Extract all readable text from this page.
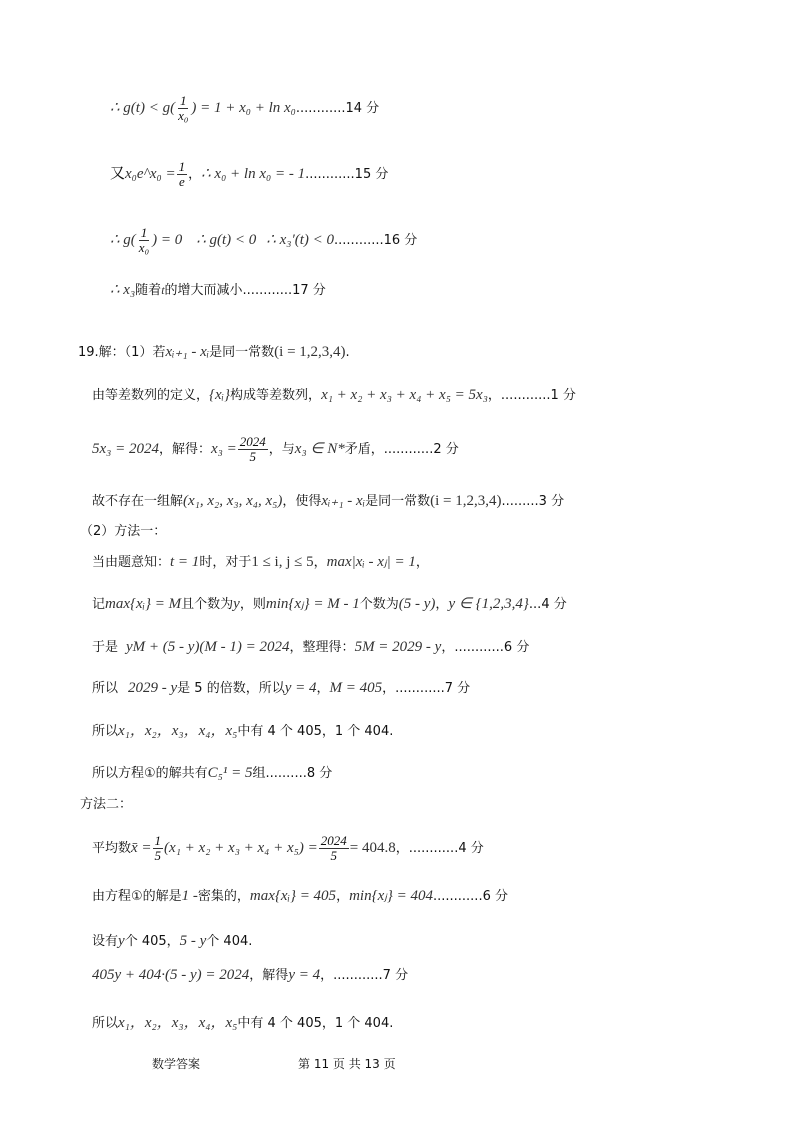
∴ $g(t) < g( \frac{1}{\text{x₀}}$ ) = 1 + x₀ + ln x₀............14 分
又x₀e^x₀ = $\frac{1}{e}$ ，∴ x₀ + ln x₀ = - 1............15 分
∴ $g( \frac{1}{\text{x₀}}$ ) = 0 ∴ g(t) < 0 ∴ x₃′(t) < 0............16 分
∴ x₃随着t的增大而减小............17 分
19.解：（1）若xᵢ₊₁ - xᵢ是同一常数(i = 1,2,3,4).
由等差数列的定义，{xᵢ}构成等差数列，x₁ + x₂ + x₃ + x₄ + x₅ = 5x₃，............1 分
5x₃ = 2024，解得：$x_3 = \frac{2024}{5}$ ，与x₃ ∈ N*矛盾，............2 分
故不存在一组解(x₁, x₂, x₃, x₄, x₅)，使得xᵢ₊₁ - xᵢ是同一常数(i = 1,2,3,4).........3 分
（2）方法一：
当由题意知：t = 1时，对于1 ≤ i, j ≤ 5，max|xᵢ - xⱼ| = 1，
记max{xᵢ} = M且个数为y，则min{xⱼ} = M - 1个数为(5 - y)，y ∈ {1,2,3,4}...4 分
于是 yM + (5 - y)(M - 1) = 2024，整理得：5M = 2029 - y，............6 分
所以 2029 - y是 5 的倍数，所以y = 4，M = 405，............7 分
所以x₁，x₂，x₃，x₄，x₅中有 4 个 405，1 个 404.
所以方程①的解共有C₅¹ = 5组..........8 分
方法二：
平均数x̄ = $\frac{1}{5} (x_1 + x_2 + x_3 + x_4 + x_5) = \frac{2024}{5} = 404.8$，............4 分
由方程①的解是1 -密集的，max{xᵢ} = 405，min{xⱼ} = 404............6 分
设有y个 405，5 - y个 404.
405y + 404·(5 - y) = 2024，解得y = 4，............7 分
所以x₁，x₂，x₃，x₄，x₅中有 4 个 405，1 个 404.
数学答案	第 11 页 共 13 页
